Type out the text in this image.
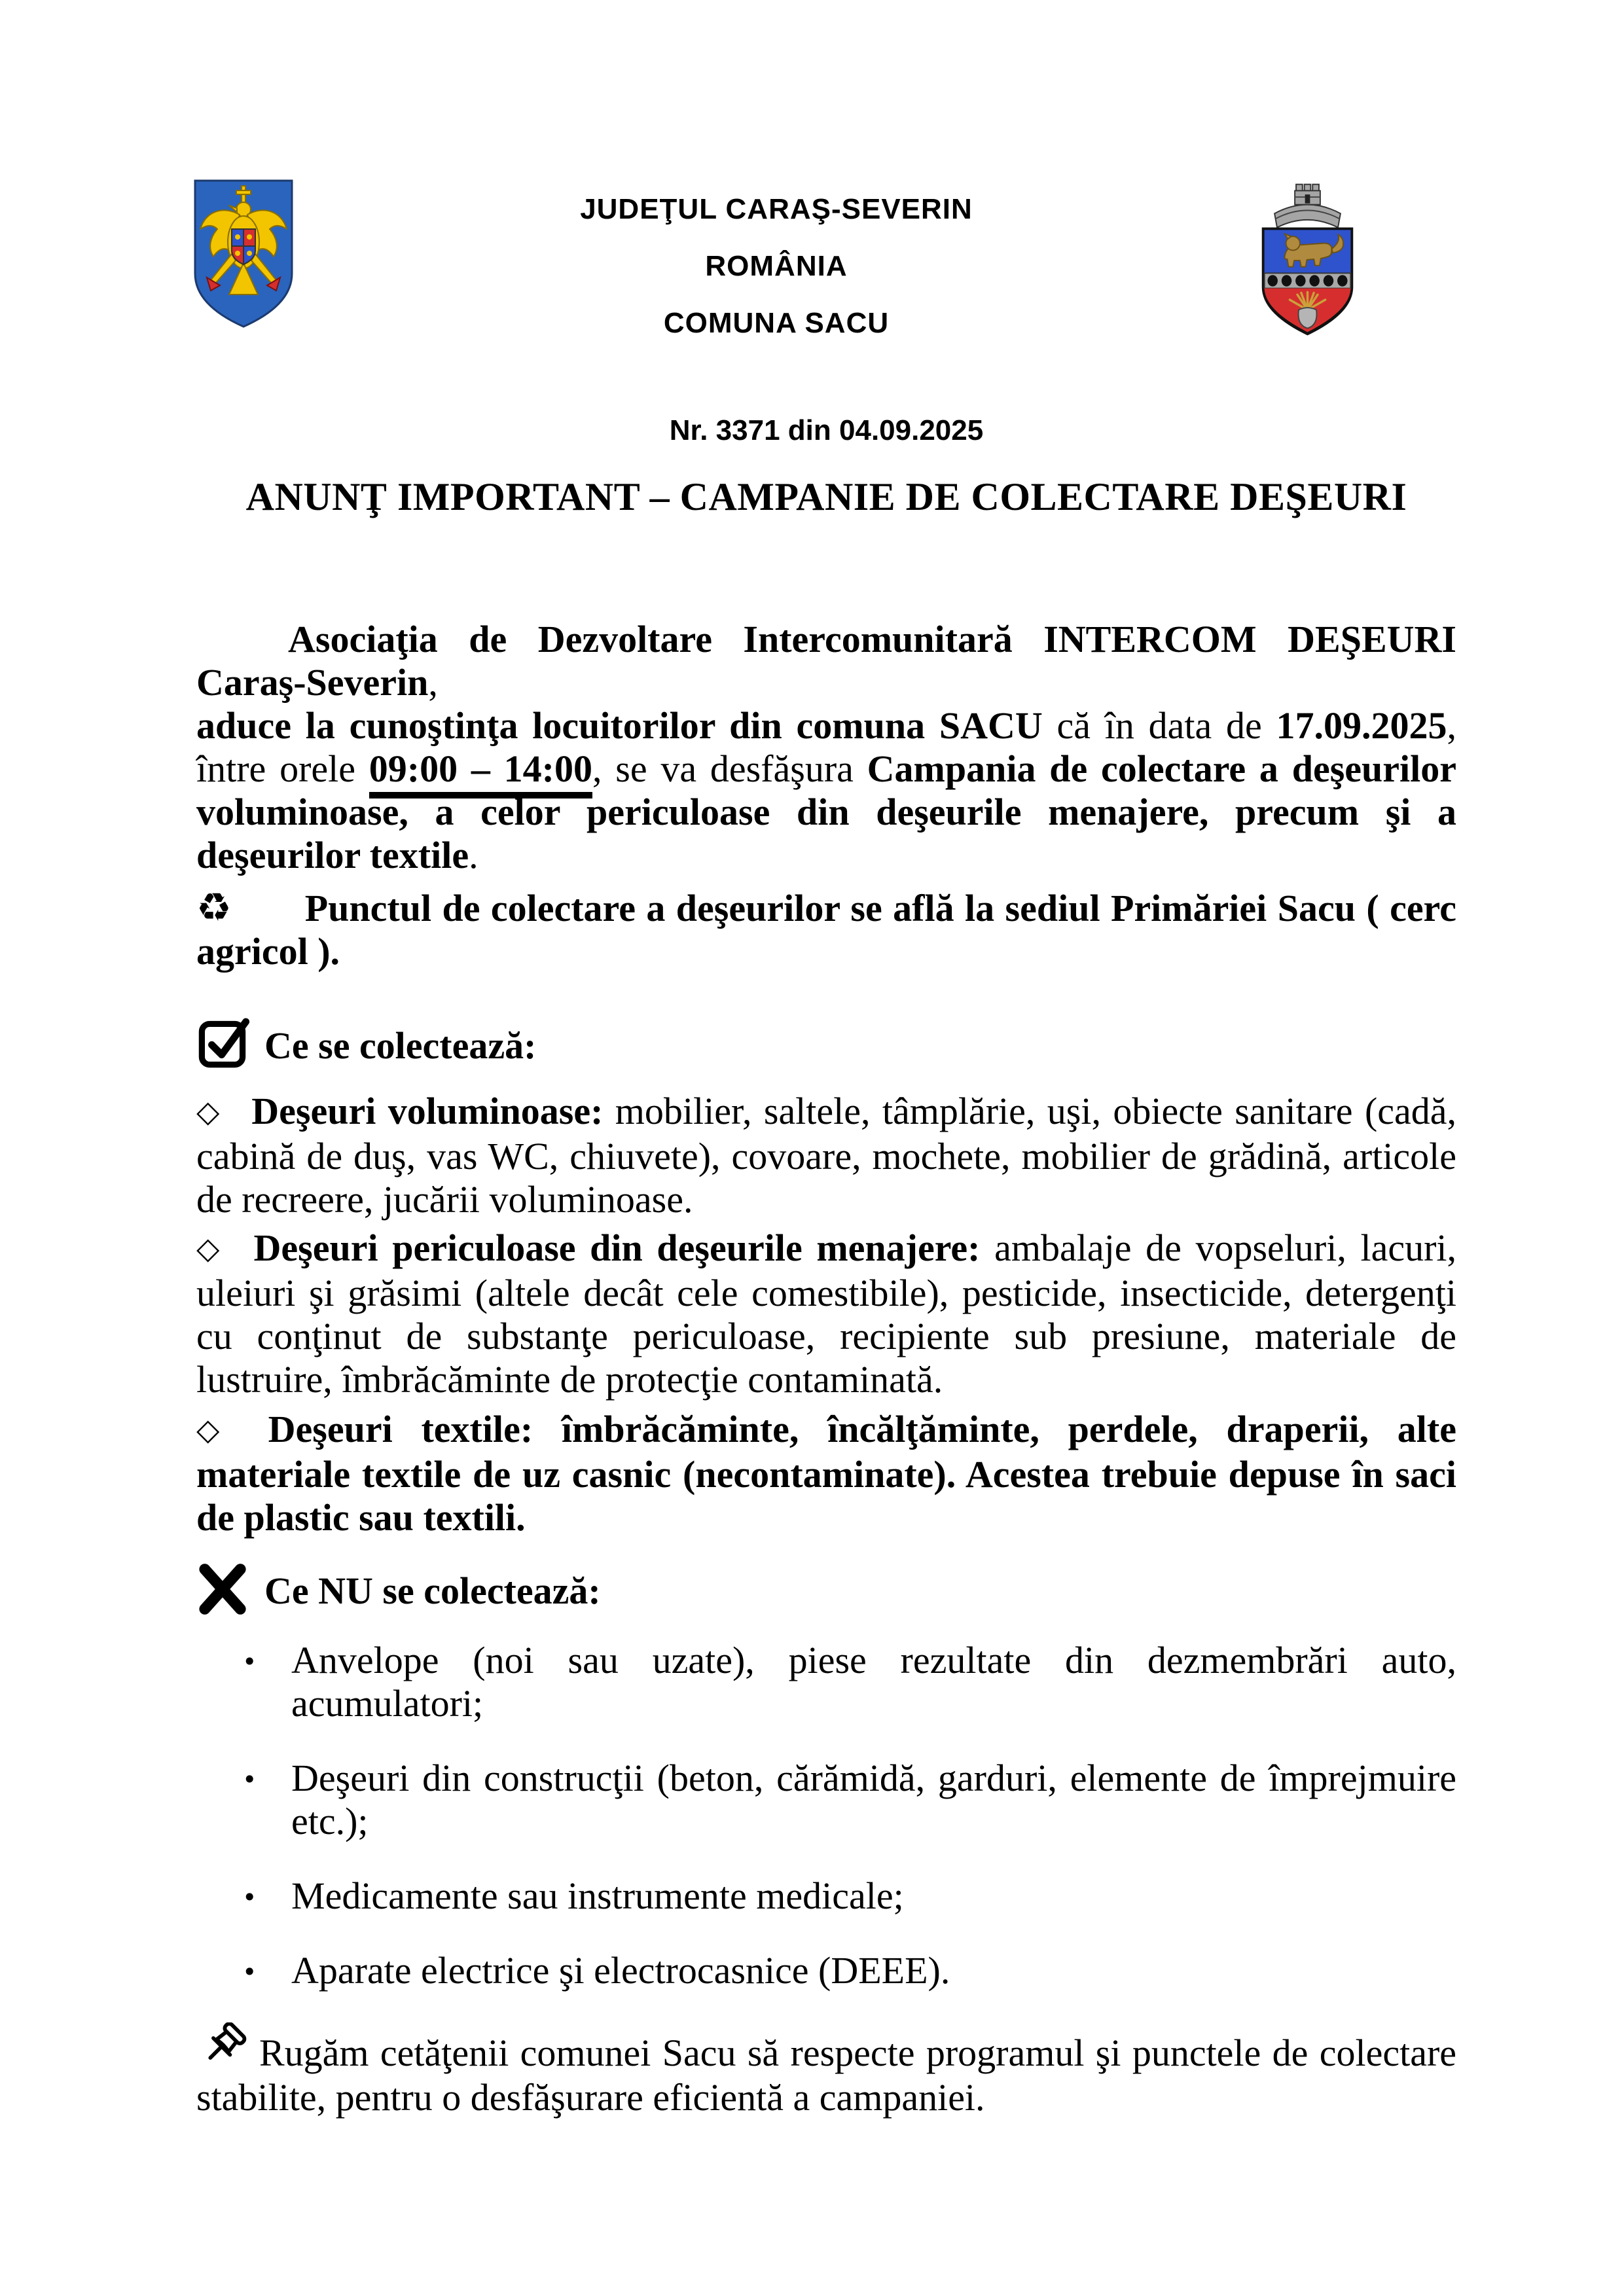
JUDEŢUL CARAŞ-SEVERIN
ROMÂNIA
COMUNA SACU
Nr. 3371 din 04.09.2025
ANUNŢ IMPORTANT – CAMPANIE DE COLECTARE DEŞEURI

Asociaţia de Dezvoltare Intercomunitară INTERCOM DEŞEURI Caraş-Severin,
aduce la cunoştinţa locuitorilor din comuna SACU că în data de 17.09.2025, între orele 09:00 – 14:00, se va desfăşura Campania de colectare a deşeurilor voluminoase, a celor periculoase din deşeurile menajere, precum şi a deşeurilor textile.

♻ Punctul de colectare a deşeurilor se află la sediul Primăriei Sacu ( cerc agricol ).

Ce se colectează:

◇ Deşeuri voluminoase: mobilier, saltele, tâmplărie, uşi, obiecte sanitare (cadă, cabină de duş, vas WC, chiuvete), covoare, mochete, mobilier de grădină, articole de recreere, jucării voluminoase.

◇ Deşeuri periculoase din deşeurile menajere: ambalaje de vopseluri, lacuri, uleiuri şi grăsimi (altele decât cele comestibile), pesticide, insecticide, detergenţi cu conţinut de substanţe periculoase, recipiente sub presiune, materiale de lustruire, îmbrăcăminte de protecţie contaminată.

◇ Deşeuri textile: îmbrăcăminte, încălţăminte, perdele, draperii, alte materiale textile de uz casnic (necontaminate). Acestea trebuie depuse în saci de plastic sau textili.

Ce NU se colectează:

• Anvelope (noi sau uzate), piese rezultate din dezmembrări auto, acumulatori;
• Deşeuri din construcţii (beton, cărămidă, garduri, elemente de împrejmuire etc.);
• Medicamente sau instrumente medicale;
• Aparate electrice şi electrocasnice (DEEE).

Rugăm cetăţenii comunei Sacu să respecte programul şi punctele de colectare stabilite, pentru o desfăşurare eficientă a campaniei.
